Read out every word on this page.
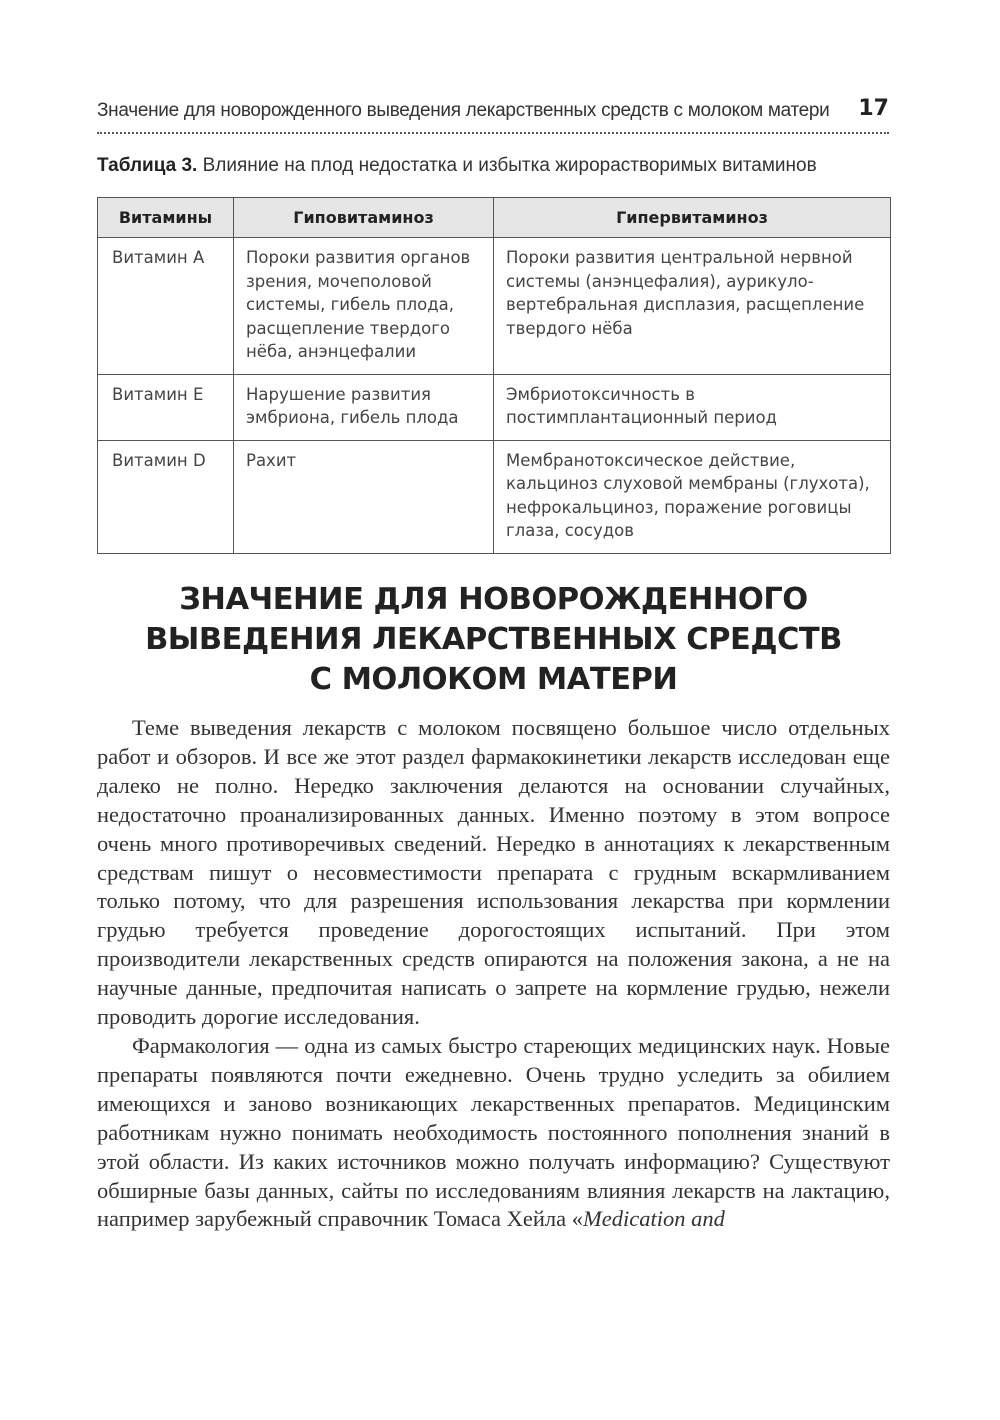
Значение для новорожденного выведения лекарственных средств с молоком матери 17
Таблица 3. Влияние на плод недостатка и избытка жирорастворимых витаминов
Витамины	Гиповитаминоз	Гипервитаминоз
Витамин А	Пороки развития органов зрения, мочеполовой системы, гибель плода, расщепление твердого нёба, анэнцефалии	Пороки развития центральной нервной системы (анэнцефалия), аурикуло-вертебральная дисплазия, расщепление твердого нёба
Витамин Е	Нарушение развития эмбриона, гибель плода	Эмбриотоксичность в постимплантационный период
Витамин D	Рахит	Мембранотоксическое действие, кальциноз слуховой мембраны (глухота), нефрокальциноз, поражение роговицы глаза, сосудов
ЗНАЧЕНИЕ ДЛЯ НОВОРОЖДЕННОГО
ВЫВЕДЕНИЯ ЛЕКАРСТВЕННЫХ СРЕДСТВ
С МОЛОКОМ МАТЕРИ

Теме выведения лекарств с молоком посвящено большое число отдельных работ и обзоров. И все же этот раздел фармакокинетики лекарств исследован еще далеко не полно. Нередко заключения делаются на основании случайных, недостаточно проанализированных данных. Именно поэтому в этом вопросе очень много противоречивых сведений. Нередко в аннотациях к лекарственным средствам пишут о несовместимости препарата с грудным вскармливанием только потому, что для разрешения использования лекарства при кормлении грудью требуется проведение дорогостоящих испытаний. При этом производители лекарственных средств опираются на положения закона, а не на научные данные, предпочитая написать о запрете на кормление грудью, нежели проводить дорогие исследования.

Фармакология — одна из самых быстро стареющих медицинских наук. Новые препараты появляются почти ежедневно. Очень трудно уследить за обилием имеющихся и заново возникающих лекарственных препаратов. Медицинским работникам нужно понимать необходимость постоянного пополнения знаний в этой области. Из каких источников можно получать информацию? Существуют обширные базы данных, сайты по исследованиям влияния лекарств на лактацию, например зарубежный справочник Томаса Хейла «Medication and
